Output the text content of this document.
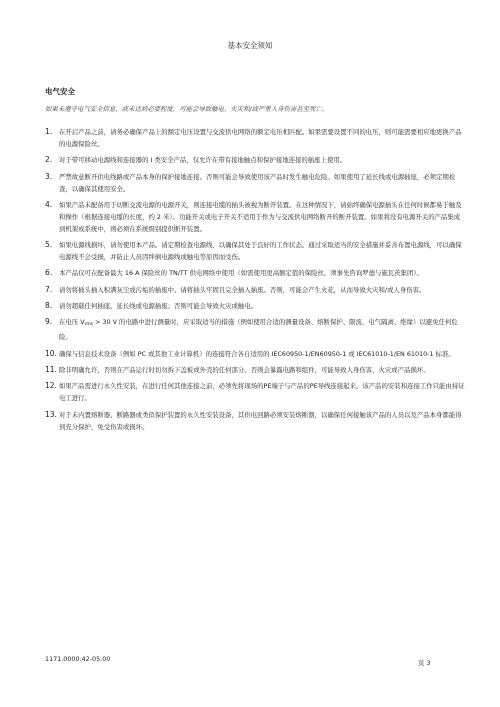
基本安全须知
电气安全
如果未遵守电气安全信息，或未达到必要程度，可能会导致触电、火灾和/或严重人身伤害甚至死亡。
1.	在开启产品之前，请务必确保产品上的额定电压设置与交流供电网络的额定电压相匹配。如果需要设置不同的电压，则可能需要相应地更换产品的电源保险丝。
2.	对于带可移动电源线和连接器的 I 类安全产品，仅允许在带有接地触点和保护接地连接的插座上使用。
3.	严禁故意断开供电线路或产品本身的保护接地连接。否则可能会导致使用该产品时发生触电危险。如果使用了延长线或电源插座，必须定期检查，以确保其使用安全。
4.	如果产品未配备用于切断交流电源的电源开关，则连接电缆的插头被视为断开装置。在这种情况下，请始终确保电源插头在任何时候都易于触及和操作（根据连接电缆的长度，约 2 米）。功能开关或电子开关不适用于作为与交流供电网络断开的断开装置。如果将没有电源开关的产品集成到机架或系统中，则必须在系统级别提供断开装置。
5.	如果电源线损坏，请勿使用本产品。请定期检查电源线，以确保其处于良好的工作状态。通过采取适当的安全措施并妥善布置电源线，可以确保电源线不会受损，并防止人员因绊倒电源线或触电等原因而受伤。
6.	本产品仅可在配备最大 16 A 保险丝的 TN/TT 供电网络中使用（如需使用更高额定值的保险丝，须事先咨询罗德与施瓦茨集团）。
7.	请勿将插头插入积满灰尘或污垢的插座中。请将插头牢固且完全插入插座。否则，可能会产生火花，从而导致火灾和/或人身伤害。
8.	请勿超载任何插座、延长线或电源插座；否则可能会导致火灾或触电。
9.	在电压 $V_{rms} > 30$ V 的电路中进行测量时，应采取适当的措施（例如使用合适的测量设备、熔断保护、限流、电气隔离、绝缘）以避免任何危险。
10. 确保与信息技术设备（例如 PC 或其他工业计算机）的连接符合各自适用的 IEC60950-1/EN60950-1 或 IEC61010-1/EN 61010-1 标准。
11. 除非明确允许，否则在产品运行时切勿拆下盖板或外壳的任何部分。否则会暴露电路和组件，可能导致人身伤害、火灾或产品损坏。
12. 如果产品需进行永久性安装，在进行任何其他连接之前，必须先将现场的PE端子与产品的PE导线连接起来。该产品的安装和连接工作只能由持证电工进行。
13. 对于未内置熔断器、断路器或类似保护装置的永久性安装设备，其供电回路必须安装熔断器，以确保任何接触该产品的人员以及产品本身都能得到充分保护，免受伤害或损坏。
1171.0000.42-05.00	页 3
